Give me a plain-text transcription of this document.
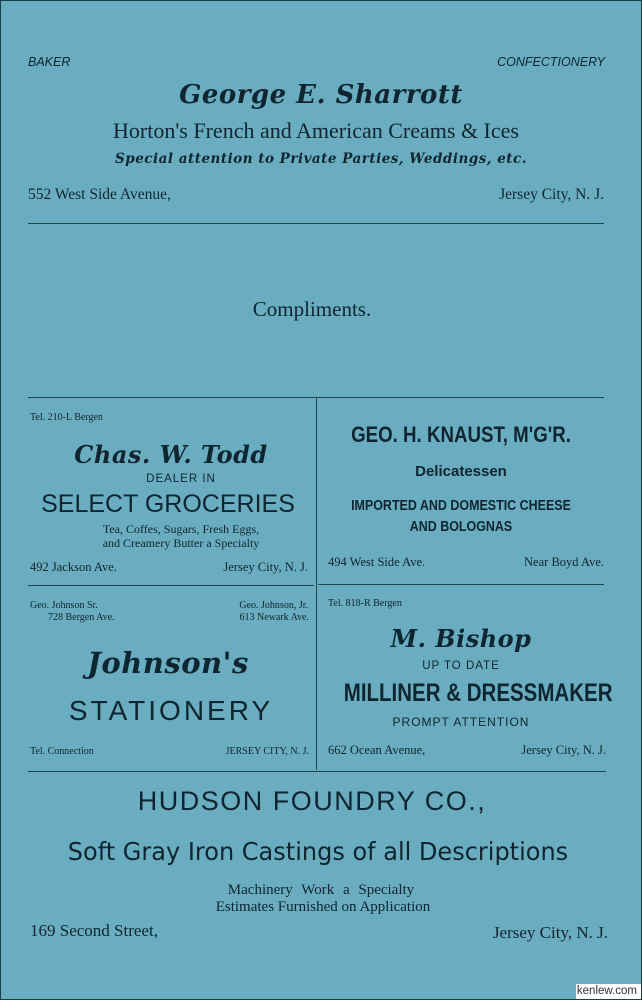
BAKER	CONFECTIONERY
George E. Sharrott
Horton's French and American Creams & Ices
Special attention to Private Parties, Weddings, etc.
552 West Side Avenue,	Jersey City, N. J.
Compliments.
Tel. 210-L Bergen
Chas. W. Todd
DEALER IN
SELECT GROCERIES
Tea, Coffes, Sugars, Fresh Eggs,
and Creamery Butter a Specialty
492 Jackson Ave.	Jersey City, N. J.
GEO. H. KNAUST, M'G'R.
Delicatessen
IMPORTED AND DOMESTIC CHEESE
AND BOLOGNAS
494 West Side Ave.	Near Boyd Ave.
Geo. Johnson Sr.
728 Bergen Ave.
Geo. Johnson, Jr.
613 Newark Ave.
Johnson's
STATIONERY
Tel. Connection	JERSEY CITY, N. J.
Tel. 818-R Bergen
M. Bishop
UP TO DATE
MILLINER & DRESSMAKER
PROMPT ATTENTION
662 Ocean Avenue,	Jersey City, N. J.
HUDSON FOUNDRY CO.,
Soft Gray Iron Castings of all Descriptions
Machinery Work a Specialty
Estimates Furnished on Application
169 Second Street,	Jersey City, N. J.
kenlew.com
